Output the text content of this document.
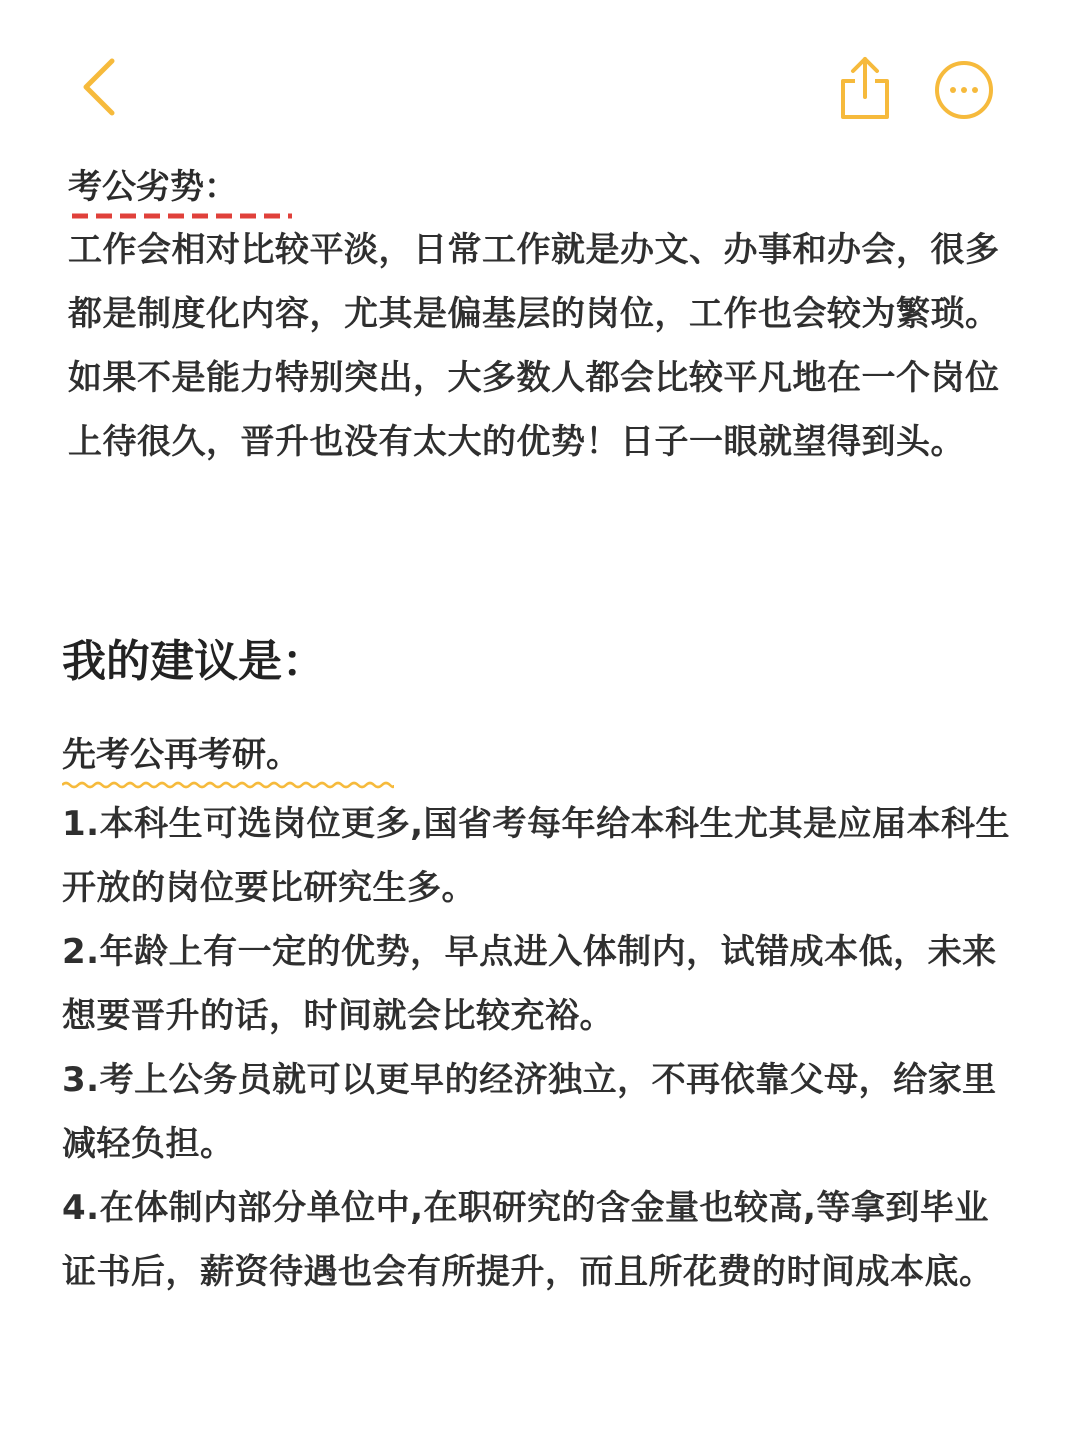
考公劣势：

工作会相对比较平淡，日常工作就是办文、办事和办会，很多都是制度化内容，尤其是偏基层的岗位，工作也会较为繁琐。

如果不是能力特别突出，大多数人都会比较平凡地在一个岗位上待很久，晋升也没有太大的优势！日子一眼就望得到头。

我的建议是：
先考公再考研。
1.本科生可选岗位更多,国省考每年给本科生尤其是应届本科生开放的岗位要比研究生多。
2.年龄上有一定的优势，早点进入体制内，试错成本低，未来想要晋升的话，时间就会比较充裕。
3.考上公务员就可以更早的经济独立，不再依靠父母，给家里减轻负担。
4.在体制内部分单位中,在职研究的含金量也较高,等拿到毕业证书后，薪资待遇也会有所提升，而且所花费的时间成本底。
